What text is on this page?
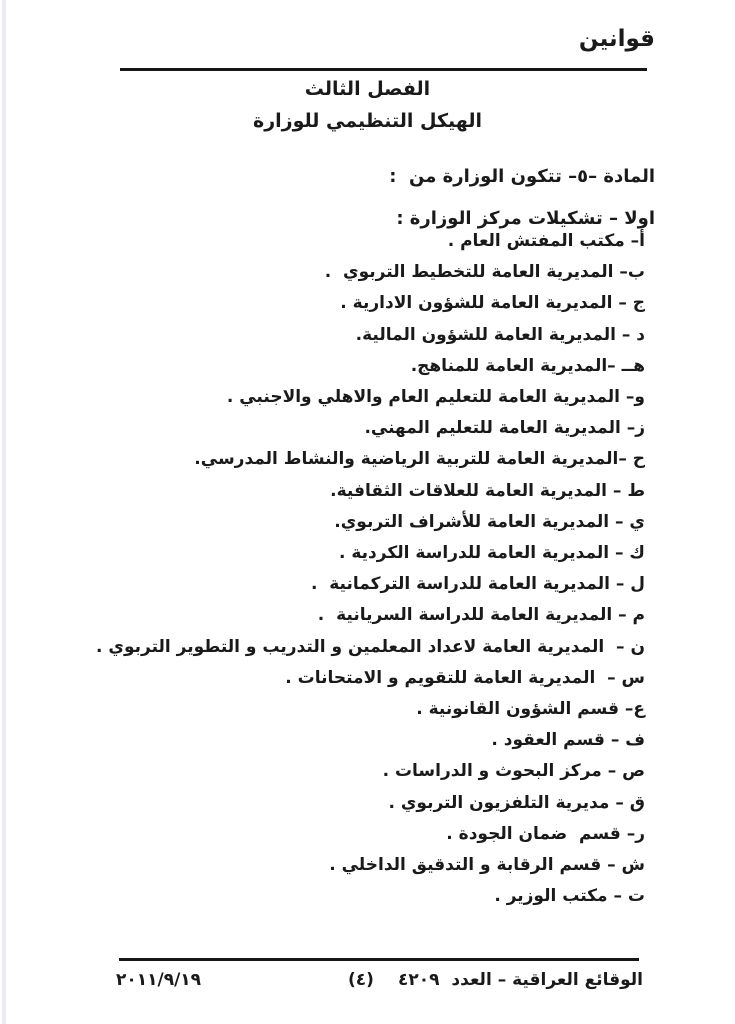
قوانين
الفصل الثالث
الهيكل التنظيمي للوزارة

المادة –٥– تتكون الوزارة من  :

اولا – تشكيلات مركز الوزارة :

أ– مكتب المفتش العام .
ب– المديرية العامة للتخطيط التربوي  .
ج – المديرية العامة للشؤون الادارية .
د – المديرية العامة للشؤون المالية.
هــ –المديرية العامة للمناهج.
و– المديرية العامة للتعليم العام والاهلي والاجنبي .
ز– المديرية العامة للتعليم المهني.
ح –المديرية العامة للتربية الرياضية والنشاط المدرسي.
ط – المديرية العامة للعلاقات الثقافية.
ي – المديرية العامة للأشراف التربوي.
ك – المديرية العامة للدراسة الكردية .
ل – المديرية العامة للدراسة التركمانية  .
م – المديرية العامة للدراسة السريانية  .
ن –  المديرية العامة لاعداد المعلمين و التدريب و التطوير التربوي .
س –  المديرية العامة للتقويم و الامتحانات .
ع– قسم الشؤون القانونية .
ف – قسم العقود .
ص – مركز البحوث و الدراسات .
ق – مديرية التلفزيون التربوي .
ر– قسم  ضمان الجودة .
ش – قسم الرقابة و التدقيق الداخلي .
ت – مكتب الوزير .
الوقائع العراقية – العدد ٤٢٠٩
(٤)
٢٠١١/٩/١٩
